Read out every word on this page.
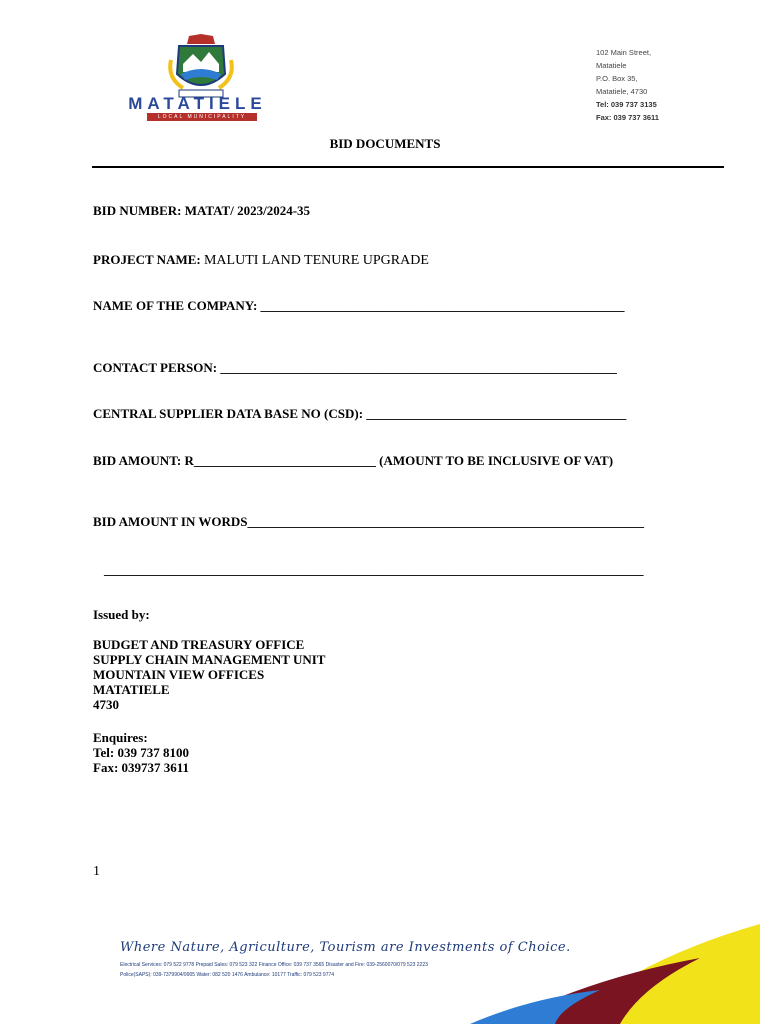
MATATIELE
LOCAL MUNICIPALITY
102 Main Street,
Matatiele
P.O. Box 35,
Matatiele, 4730
Tel: 039 737 3135
Fax: 039 737 3611
BID DOCUMENTS
BID NUMBER: MATAT/ 2023/2024-35
PROJECT NAME: MALUTI LAND TENURE UPGRADE
NAME OF THE COMPANY: ________________________________________________________
CONTACT PERSON: _____________________________________________________________
CENTRAL SUPPLIER DATA BASE NO (CSD): ________________________________________
BID AMOUNT: R____________________________ (AMOUNT TO BE INCLUSIVE OF VAT)
BID AMOUNT IN WORDS_____________________________________________________________
___________________________________________________________________________________
Issued by:
BUDGET AND TREASURY OFFICE
SUPPLY CHAIN MANAGEMENT UNIT
MOUNTAIN VIEW OFFICES
MATATIELE
4730
Enquires:
Tel: 039 737 8100
Fax: 039737 3611
1
Where Nature, Agriculture, Tourism are Investments of Choice.
Electrical Services: 079 522 9778 Prepaid Sales: 079 523 322 Finance Office: 039 737 3565 Disaster and Fire: 039-2560070/079 523 2223
Police(SAPS): 039-7379904/9905 Water: 082 520 1476 Ambulance: 10177 Traffic: 079 523 9774
